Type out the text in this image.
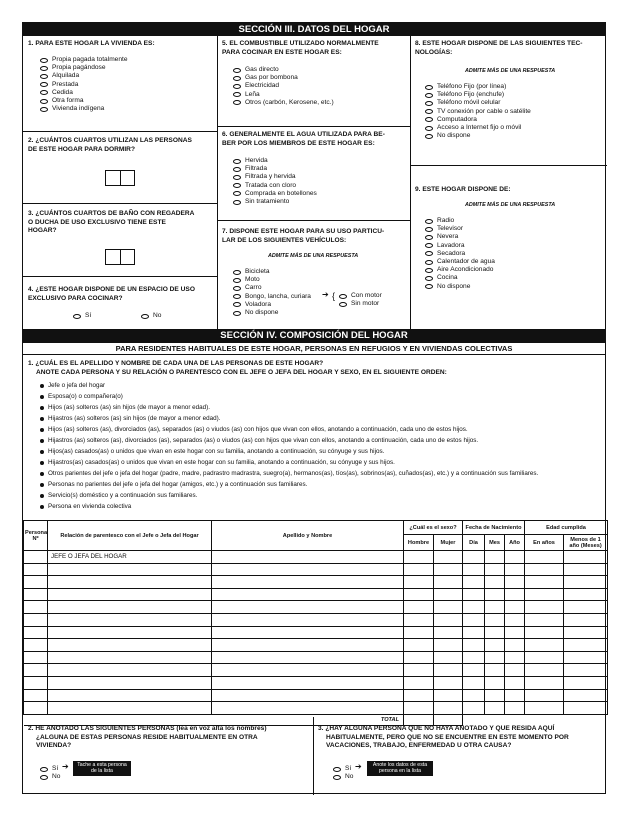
SECCIÓN III. DATOS DEL HOGAR
1. PARA ESTE HOGAR LA VIVIENDA ES:
Propia pagada totalmente
Propia pagándose
Alquilada
Prestada
Cedida
Otra forma
Vivienda indígena
2. ¿CUÁNTOS CUARTOS UTILIZAN LAS PERSONAS
DE ESTE HOGAR PARA DORMIR?
3. ¿CUÁNTOS CUARTOS DE BAÑO CON REGADERA
O DUCHA DE USO EXCLUSIVO TIENE ESTE
HOGAR?
4. ¿ESTE HOGAR DISPONE DE UN ESPACIO DE USO
EXCLUSIVO PARA COCINAR?
Sí	No
5. EL COMBUSTIBLE UTILIZADO NORMALMENTE
PARA COCINAR EN ESTE HOGAR ES:
Gas directo
Gas por bombona
Electricidad
Leña
Otros (carbón, Kerosene, etc.)
6. GENERALMENTE EL AGUA UTILIZADA PARA BE-
BER POR LOS MIEMBROS DE ESTE HOGAR ES:
Hervida
Filtrada
Filtrada y hervida
Tratada con cloro
Comprada en botellones
Sin tratamiento
7. DISPONE ESTE HOGAR PARA SU USO PARTICU-
LAR DE LOS SIGUIENTES VEHÍCULOS:
ADMITE MÁS DE UNA RESPUESTA
Bicicleta
Moto
Carro
Bongo, lancha, curiara
Voladora
No dispone
➔ { Con motor
Sin motor
8. ESTE HOGAR DISPONE DE LAS SIGUIENTES TEC-
NOLOGÍAS:
ADMITE MÁS DE UNA RESPUESTA
Teléfono Fijo (por línea)
Teléfono Fijo (enchufe)
Teléfono móvil celular
TV conexión por cable o satélite
Computadora
Acceso a Internet fijo o móvil
No dispone
9. ESTE HOGAR DISPONE DE:
ADMITE MÁS DE UNA RESPUESTA
Radio
Televisor
Nevera
Lavadora
Secadora
Calentador de agua
Aire Acondicionado
Cocina
No dispone
SECCIÓN IV. COMPOSICIÓN DEL HOGAR
PARA RESIDENTES HABITUALES DE ESTE HOGAR, PERSONAS EN REFUGIOS Y EN VIVIENDAS COLECTIVAS
1. ¿CUÁL ES EL APELLIDO Y NOMBRE DE CADA UNA DE LAS PERSONAS DE ESTE HOGAR?
ANOTE CADA PERSONA Y SU RELACIÓN O PARENTESCO CON EL JEFE O JEFA DEL HOGAR Y SEXO, EN EL SIGUIENTE ORDEN:
Jefe o jefa del hogar
Esposa(o) o compañera(o)
Hijos (as) solteros (as) sin hijos (de mayor a menor edad).
Hijastros (as) solteros (as) sin hijos (de mayor a menor edad).
Hijos (as) solteros (as), divorciados (as), separados (as) o viudos (as) con hijos que vivan con ellos, anotando a continuación, cada uno de estos hijos.
Hijastros (as) solteros (as), divorciados (as), separados (as) o viudos (as) con hijos que vivan con ellos, anotando a continuación, cada uno de estos hijos.
Hijos(as) casados(as) o unidos que vivan en este hogar con su familia, anotando a continuación, su cónyuge y sus hijos.
Hijastros(as) casados(as) o unidos que vivan en este hogar con su familia, anotando a continuación, su cónyuge y sus hijos.
Otros parientes del jefe o jefa del hogar (padre, madre, padrastro madrastra, suegro(a), hermanos(as), tíos(as), sobrinos(as), cuñados(as), etc.) y a continuación sus familiares.
Personas no parientes del jefe o jefa del hogar (amigos, etc.) y a continuación sus familiares.
Servicio(s) doméstico y a continuación sus familiares.
Persona en vivienda colectiva
Persona Nº	Relación de parentesco con el Jefe o Jefa del Hogar	Apellido y Nombre	¿Cuál es el sexo?		Fecha de Nacimiento			Edad cumplida	
			Hombre	Mujer	Día	Mes	Año	En años	Menos de 1 año (Meses)
	JEFE O JEFA DEL HOGAR								

TOTAL									
2. HE ANOTADO LAS SIGUIENTES PERSONAS (lea en voz alta los nombres)
¿ALGUNA DE ESTAS PERSONAS RESIDE HABITUALMENTE EN OTRA
VIVIENDA?
Sí
No
➔	Tache a esta persona de la lista
3. ¿HAY ALGUNA PERSONA QUE NO HAYA ANOTADO Y QUE RESIDA AQUÍ
HABITUALMENTE, PERO QUE NO SE ENCUENTRE EN ESTE MOMENTO POR
VACACIONES, TRABAJO, ENFERMEDAD U OTRA CAUSA?
Sí
No
➔	Anote los datos de esta persona en la lista
